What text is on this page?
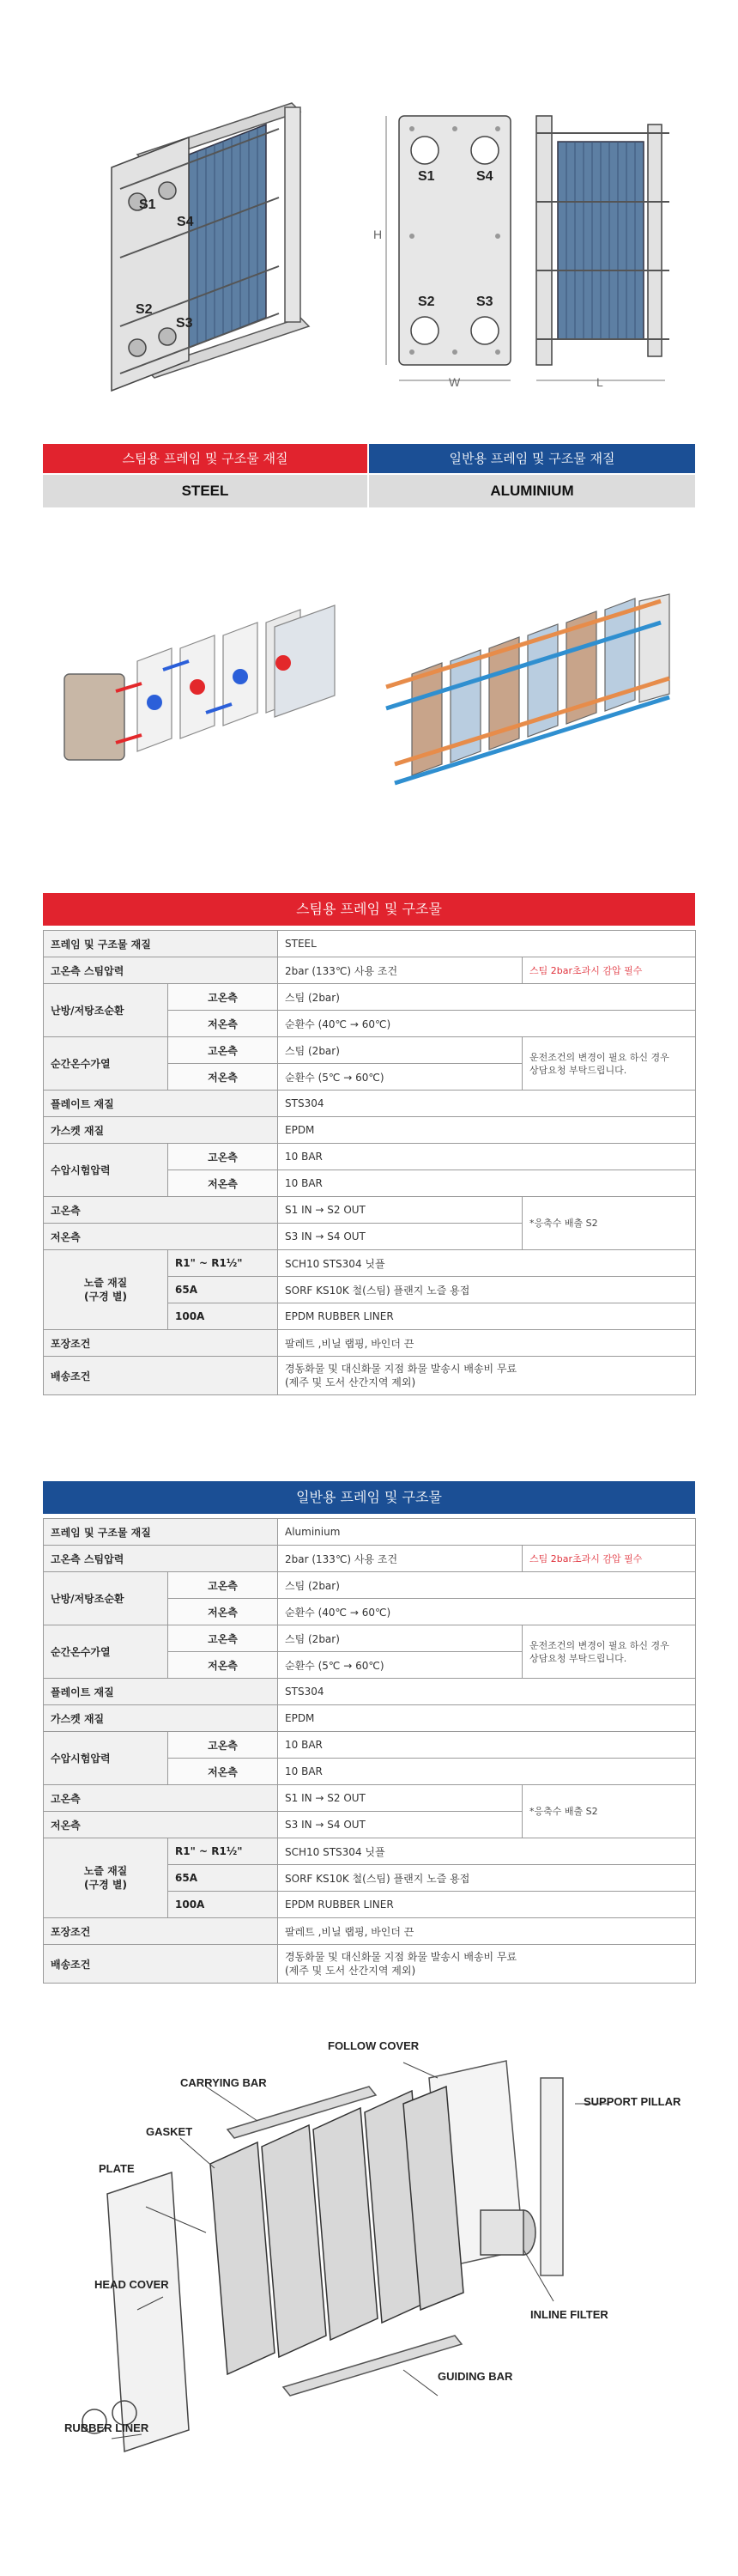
S1
S4
S2
S3
S1	S4
S2	S3
H
W	L
스팀용 프레임 및 구조물 재질	일반용 프레임 및 구조물 재질
STEEL	ALUMINIUM
스팀용 프레임 및 구조물
프레임 및 구조물 재질		STEEL	
고온측 스팀압력		2bar (133℃) 사용 조건	스팀 2bar초과시 감압 필수
난방/저탕조순환	고온측	스팀 (2bar)	
	저온측	순환수 (40℃ → 60℃)	
순간온수가열	고온측	스팀 (2bar)	운전조건의 변경이 필요 하신 경우
상담요청 부탁드립니다.
	저온측	순환수 (5℃ → 60℃)	
플레이트 재질		STS304	
가스켓 재질		EPDM	
수압시험압력	고온측	10 BAR	
	저온측	10 BAR	
고온측		S1 IN → S2 OUT	*응축수 배출 S2
저온측		S3 IN → S4 OUT	
노즐 재질
(구경 별)	R1" ~ R1½"	SCH10 STS304 닛플	
	65A	SORF KS10K 철(스팀) 플랜지 노즐 용접	
	100A	EPDM RUBBER LINER	
포장조건		팔레트 ,비닐 랩핑, 바인더 끈	
배송조건		경동화물 및 대신화물 지점 화물 발송시 배송비 무료
(제주 및 도서 산간지역 제외)	
일반용 프레임 및 구조물
프레임 및 구조물 재질		Aluminium	
고온측 스팀압력		2bar (133℃) 사용 조건	스팀 2bar초과시 감압 필수
난방/저탕조순환	고온측	스팀 (2bar)	
	저온측	순환수 (40℃ → 60℃)	
순간온수가열	고온측	스팀 (2bar)	운전조건의 변경이 필요 하신 경우
상담요청 부탁드립니다.
	저온측	순환수 (5℃ → 60℃)	
플레이트 재질		STS304	
가스켓 재질		EPDM	
수압시험압력	고온측	10 BAR	
	저온측	10 BAR	
고온측		S1 IN → S2 OUT	*응축수 배출 S2
저온측		S3 IN → S4 OUT	
노즐 재질
(구경 별)	R1" ~ R1½"	SCH10 STS304 닛플	
	65A	SORF KS10K 철(스팀) 플랜지 노즐 용접	
	100A	EPDM RUBBER LINER	
포장조건		팔레트 ,비닐 랩핑, 바인더 끈	
배송조건		경동화물 및 대신화물 지점 화물 발송시 배송비 무료
(제주 및 도서 산간지역 제외)	
FOLLOW COVER
CARRYING BAR
SUPPORT PILLAR
GASKET
PLATE
HEAD COVER
INLINE FILTER
GUIDING BAR
RUBBER LINER
